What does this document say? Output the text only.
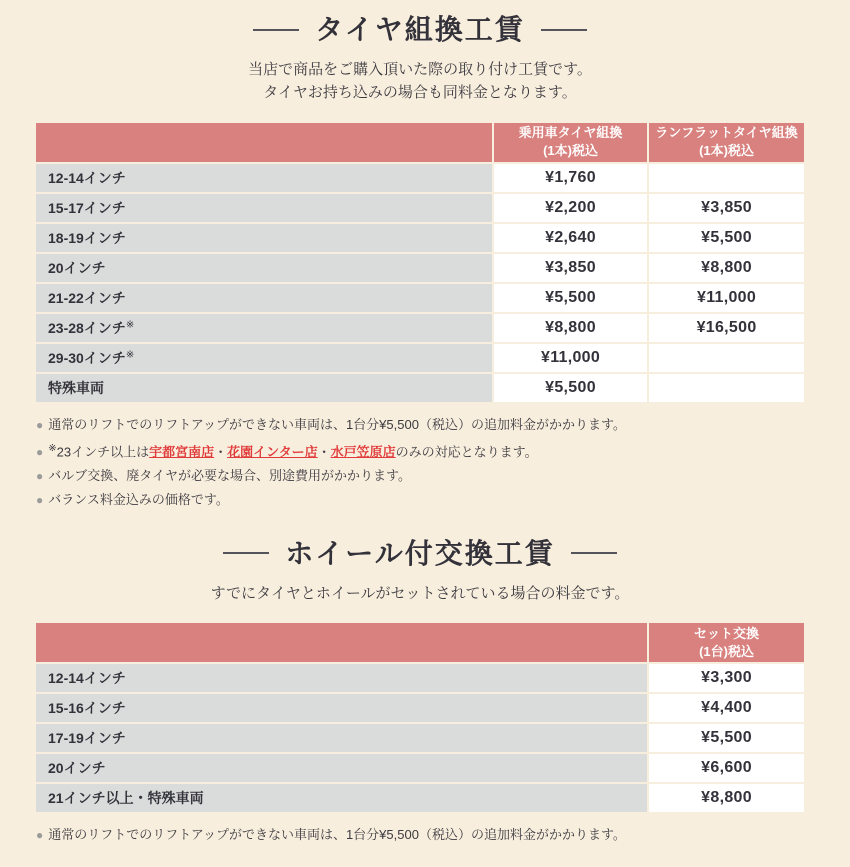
タイヤ組換工賃

当店で商品をご購入頂いた際の取り付け工賃です。
タイヤお持ち込みの場合も同料金となります。

	乗用車タイヤ組換
(1本)税込	ランフラットタイヤ組換
(1本)税込
12-14インチ	¥1,760	
15-17インチ	¥2,200	¥3,850
18-19インチ	¥2,640	¥5,500
20インチ	¥3,850	¥8,800
21-22インチ	¥5,500	¥11,000
23-28インチ※	¥8,800	¥16,500
29-30インチ※	¥11,000	
特殊車両	¥5,500	
● 通常のリフトでのリフトアップができない車両は、1台分¥5,500（税込）の追加料金がかかります。
● ※23インチ以上は宇都宮南店・花園インター店・水戸笠原店のみの対応となります。
● バルブ交換、廃タイヤが必要な場合、別途費用がかかります。
● バランス料金込みの価格です。
ホイール付交換工賃

すでにタイヤとホイールがセットされている場合の料金です。

	セット交換
(1台)税込
12-14インチ	¥3,300
15-16インチ	¥4,400
17-19インチ	¥5,500
20インチ	¥6,600
21インチ以上・特殊車両	¥8,800
● 通常のリフトでのリフトアップができない車両は、1台分¥5,500（税込）の追加料金がかかります。
